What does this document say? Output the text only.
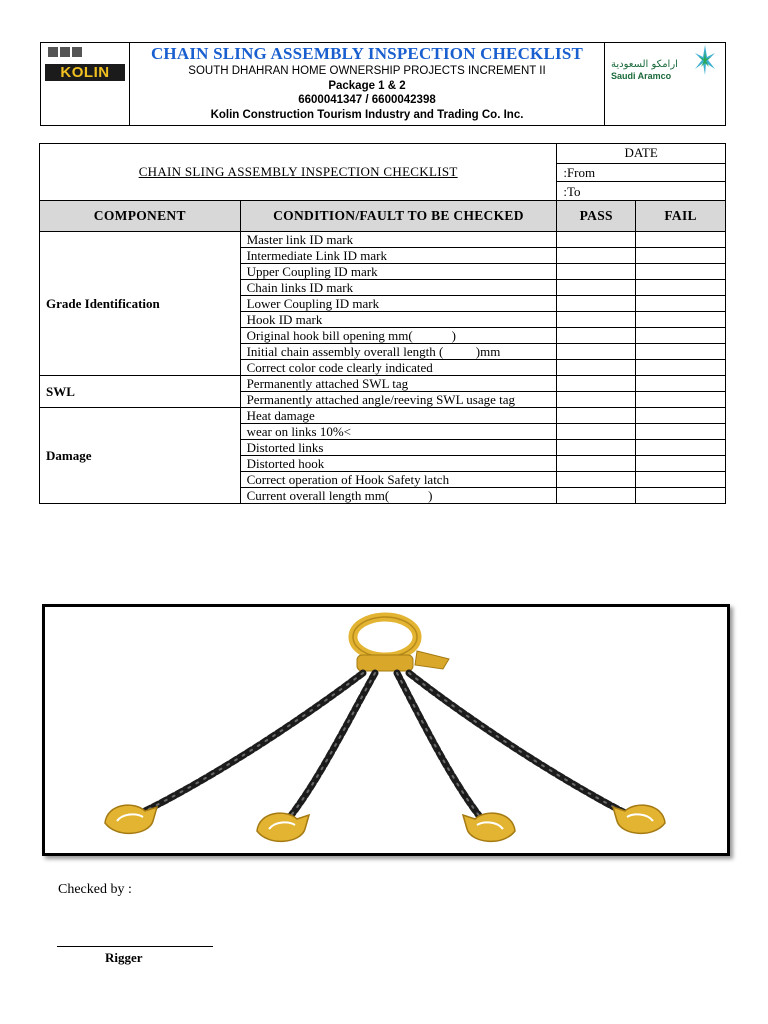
KOLIN
CHAIN SLING ASSEMBLY INSPECTION CHECKLIST
SOUTH DHAHRAN HOME OWNERSHIP PROJECTS INCREMENT II
Package 1 & 2
6600041347 / 6600042398
Kolin Construction Tourism Industry and Trading Co. Inc.
ارامكو السعودية
Saudi Aramco
CHAIN SLING ASSEMBLY INSPECTION CHECKLIST		DATE	
		:From	
		:To	
COMPONENT	CONDITION/FAULT TO BE CHECKED	PASS	FAIL
Grade Identification	Master link ID mark		
	Intermediate Link ID mark		
	Upper Coupling ID mark		
	Chain links ID mark		
	Lower Coupling ID mark		
	Hook ID mark		
	Original hook bill opening mm(            )		
	Initial chain assembly overall length (          )mm		
	Correct color code clearly indicated		
SWL	Permanently attached SWL tag		
	Permanently attached angle/reeving SWL usage tag		
Damage	Heat damage		
	wear on links 10%<		
	Distorted links		
	Distorted hook		
	Correct operation of Hook Safety latch		
	Current overall length mm(            )		
Checked by :
Rigger
